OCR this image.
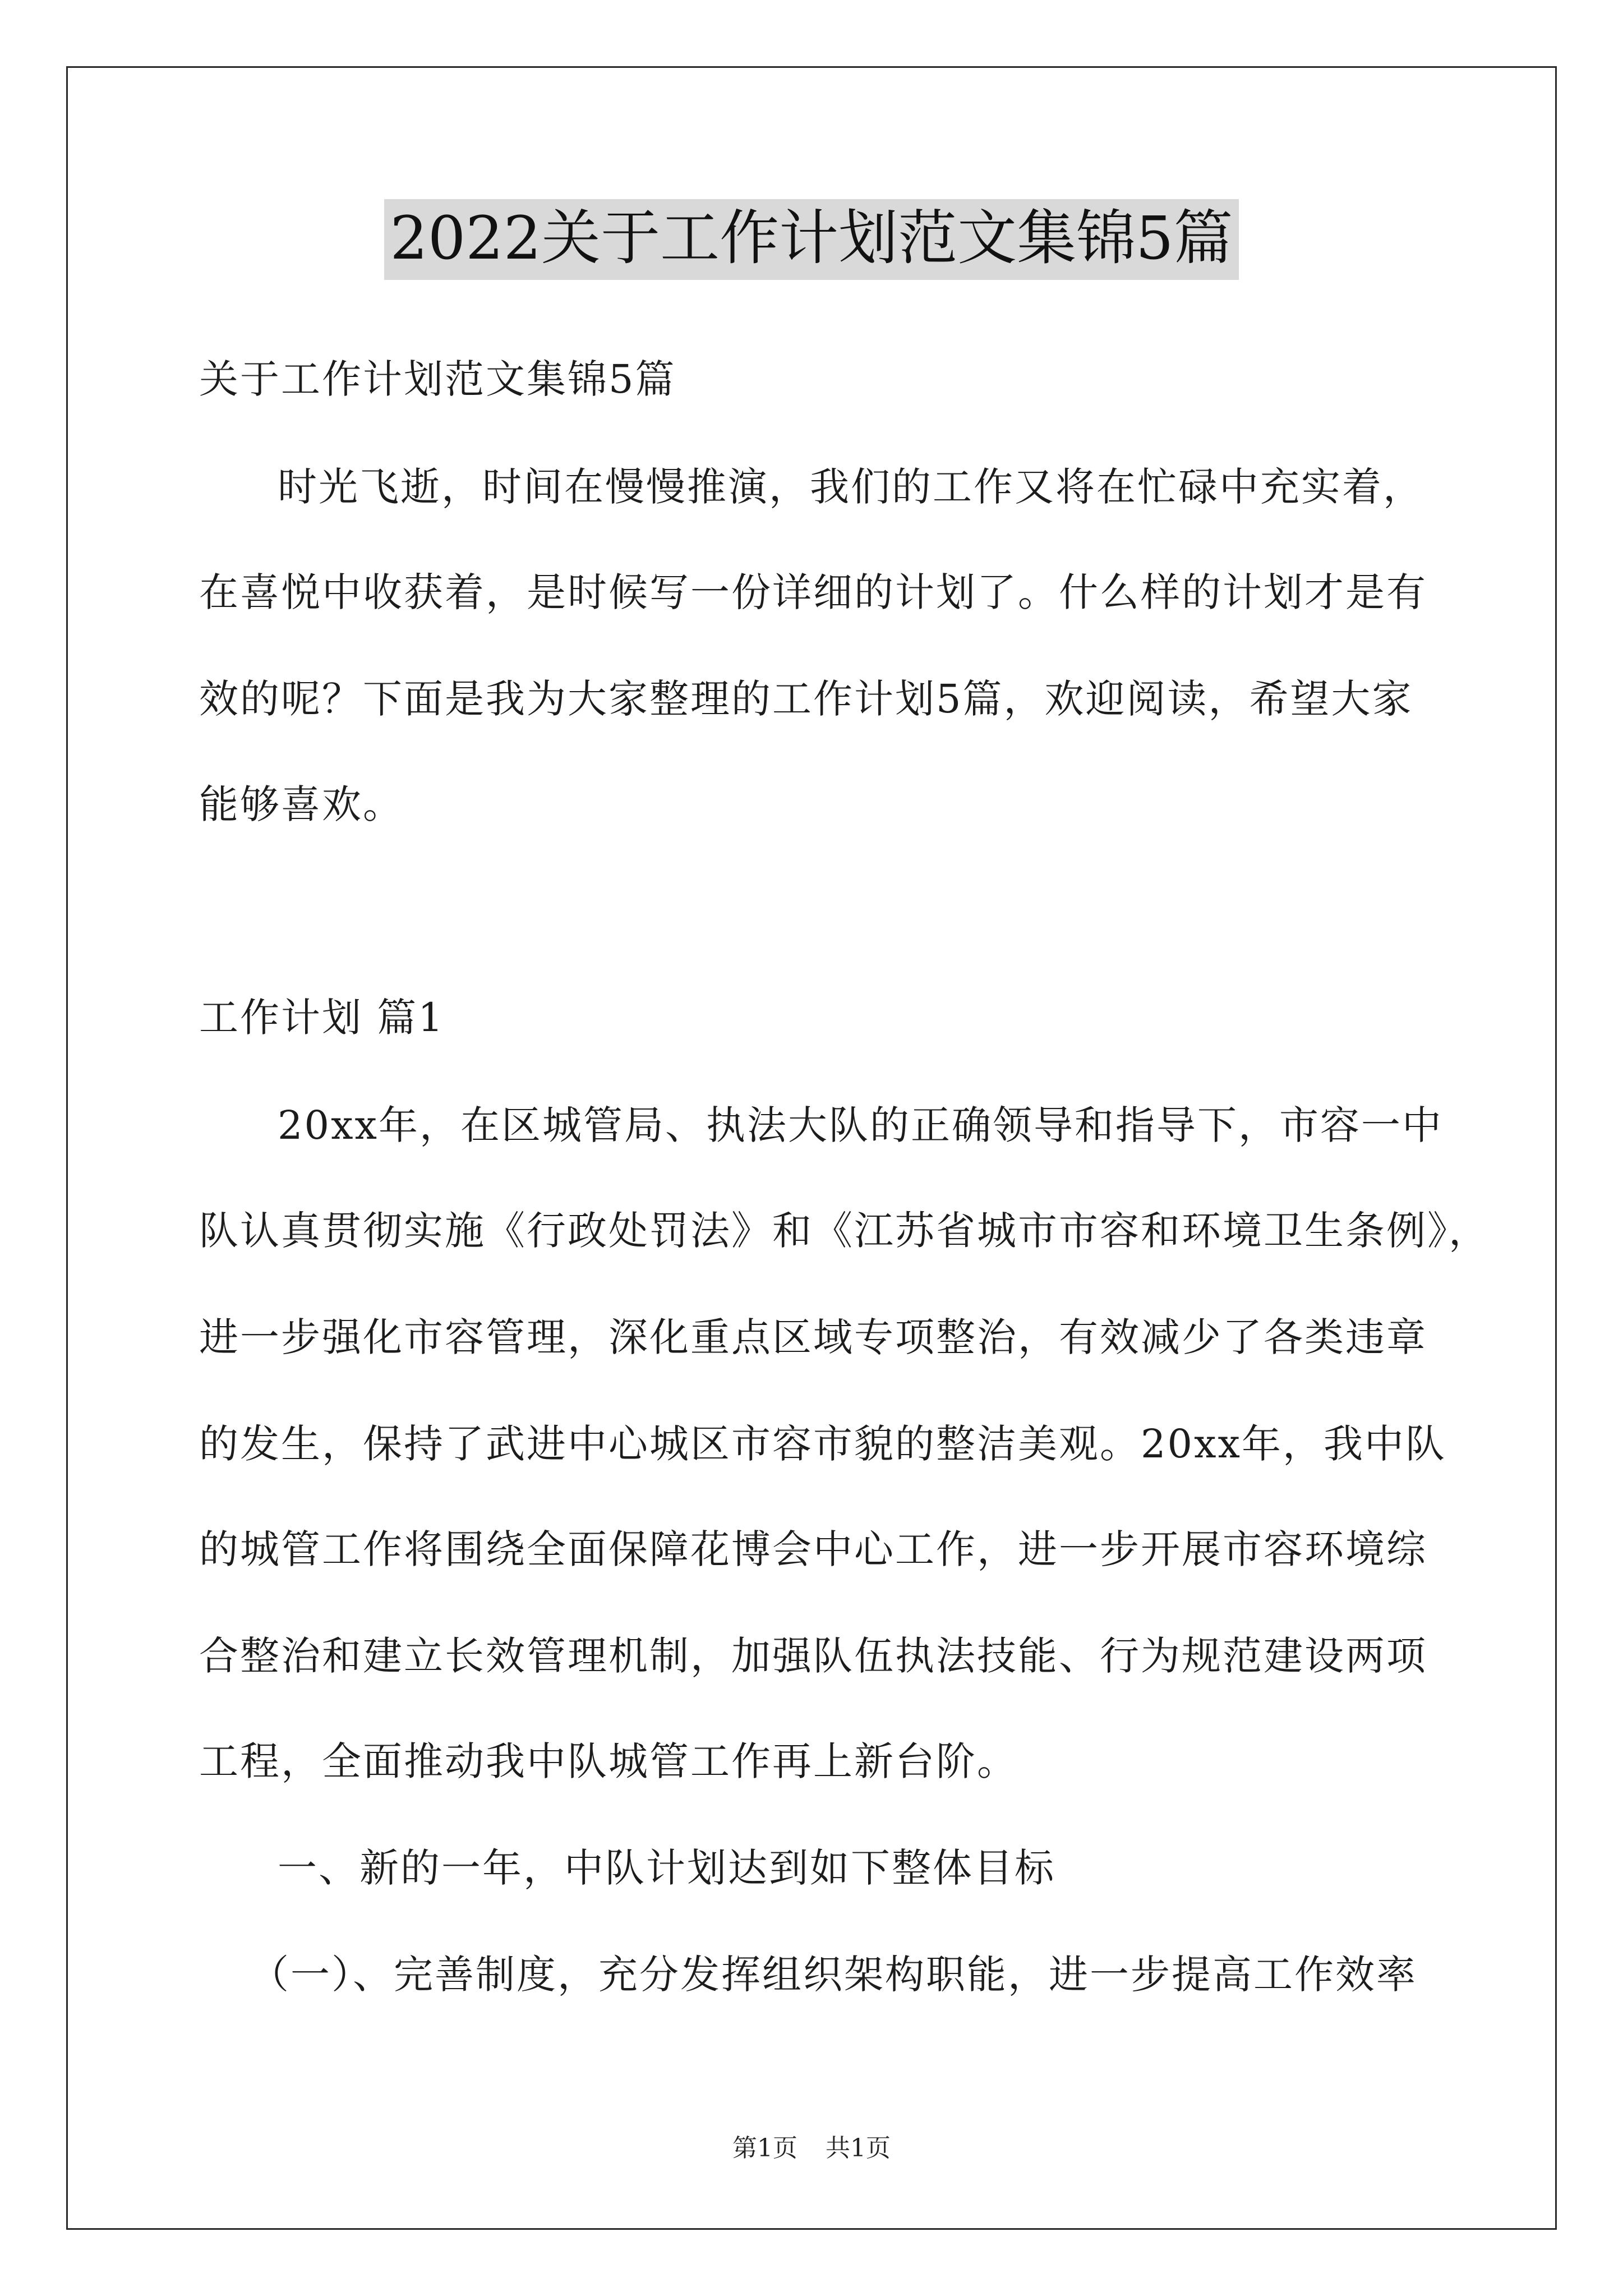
2022关于工作计划范文集锦5篇
关于工作计划范文集锦5篇
时光飞逝，时间在慢慢推演，我们的工作又将在忙碌中充实着，
在喜悦中收获着，是时候写一份详细的计划了。什么样的计划才是有
效的呢？下面是我为大家整理的工作计划5篇，欢迎阅读，希望大家
能够喜欢。
工作计划 篇1
20xx年，在区城管局、执法大队的正确领导和指导下，市容一中
队认真贯彻实施《行政处罚法》和《江苏省城市市容和环境卫生条例》，
进一步强化市容管理，深化重点区域专项整治，有效减少了各类违章
的发生，保持了武进中心城区市容市貌的整洁美观。20xx年，我中队
的城管工作将围绕全面保障花博会中心工作，进一步开展市容环境综
合整治和建立长效管理机制，加强队伍执法技能、行为规范建设两项
工程，全面推动我中队城管工作再上新台阶。
一、新的一年，中队计划达到如下整体目标
（一）、完善制度，充分发挥组织架构职能，进一步提高工作效率
第1页 共1页
